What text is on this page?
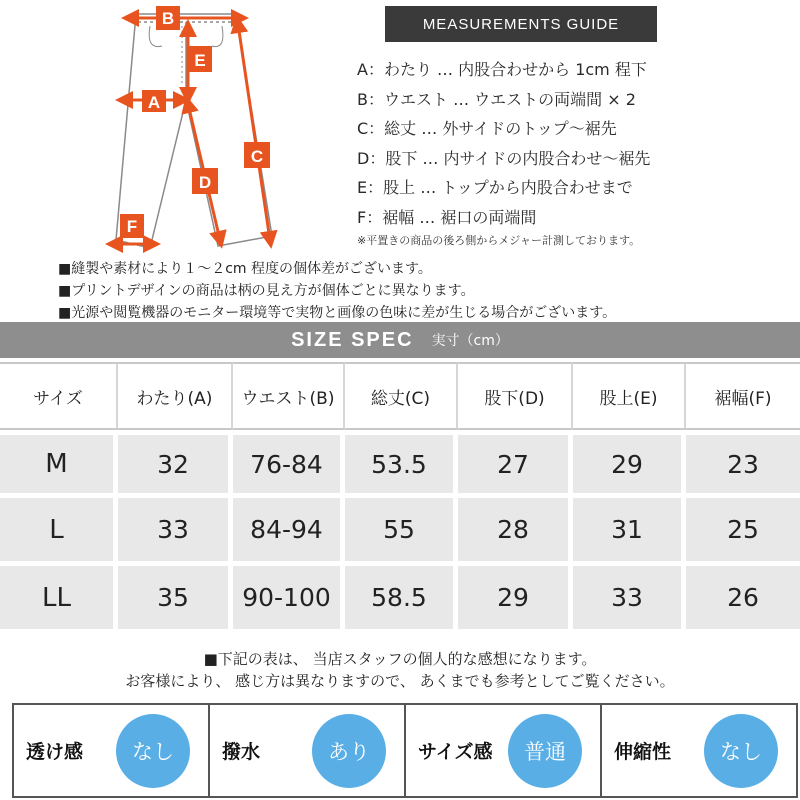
B
E
A
C
D
F
MEASUREMENTS GUIDE
A：わたり … 内股合わせから 1cm 程下
B：ウエスト … ウエストの両端間 × 2
C：総丈 … 外サイドのトップ〜裾先
D：股下 … 内サイドの内股合わせ〜裾先
E：股上 … トップから内股合わせまで
F：裾幅 … 裾口の両端間
※平置きの商品の後ろ側からメジャー計測しております。
■縫製や素材により１〜２cm 程度の個体差がございます。
■プリントデザインの商品は柄の見え方が個体ごとに異なります。
■光源や閲覧機器のモニター環境等で実物と画像の色味に差が生じる場合がございます。
SIZE SPEC 実寸（cm）
サイズ	わたり(A)	ウエスト(B)	総丈(C)	股下(D)	股上(E)	裾幅(F)
M	32	76-84	53.5	27	29	23
L	33	84-94	55	28	31	25
LL	35	90-100	58.5	29	33	26
■下記の表は、 当店スタッフの個人的な感想になります。
お客様により、 感じ方は異なりますので、 あくまでも参考としてご覧ください。
透け感	なし	撥水	あり	サイズ感	普通	伸縮性	なし
